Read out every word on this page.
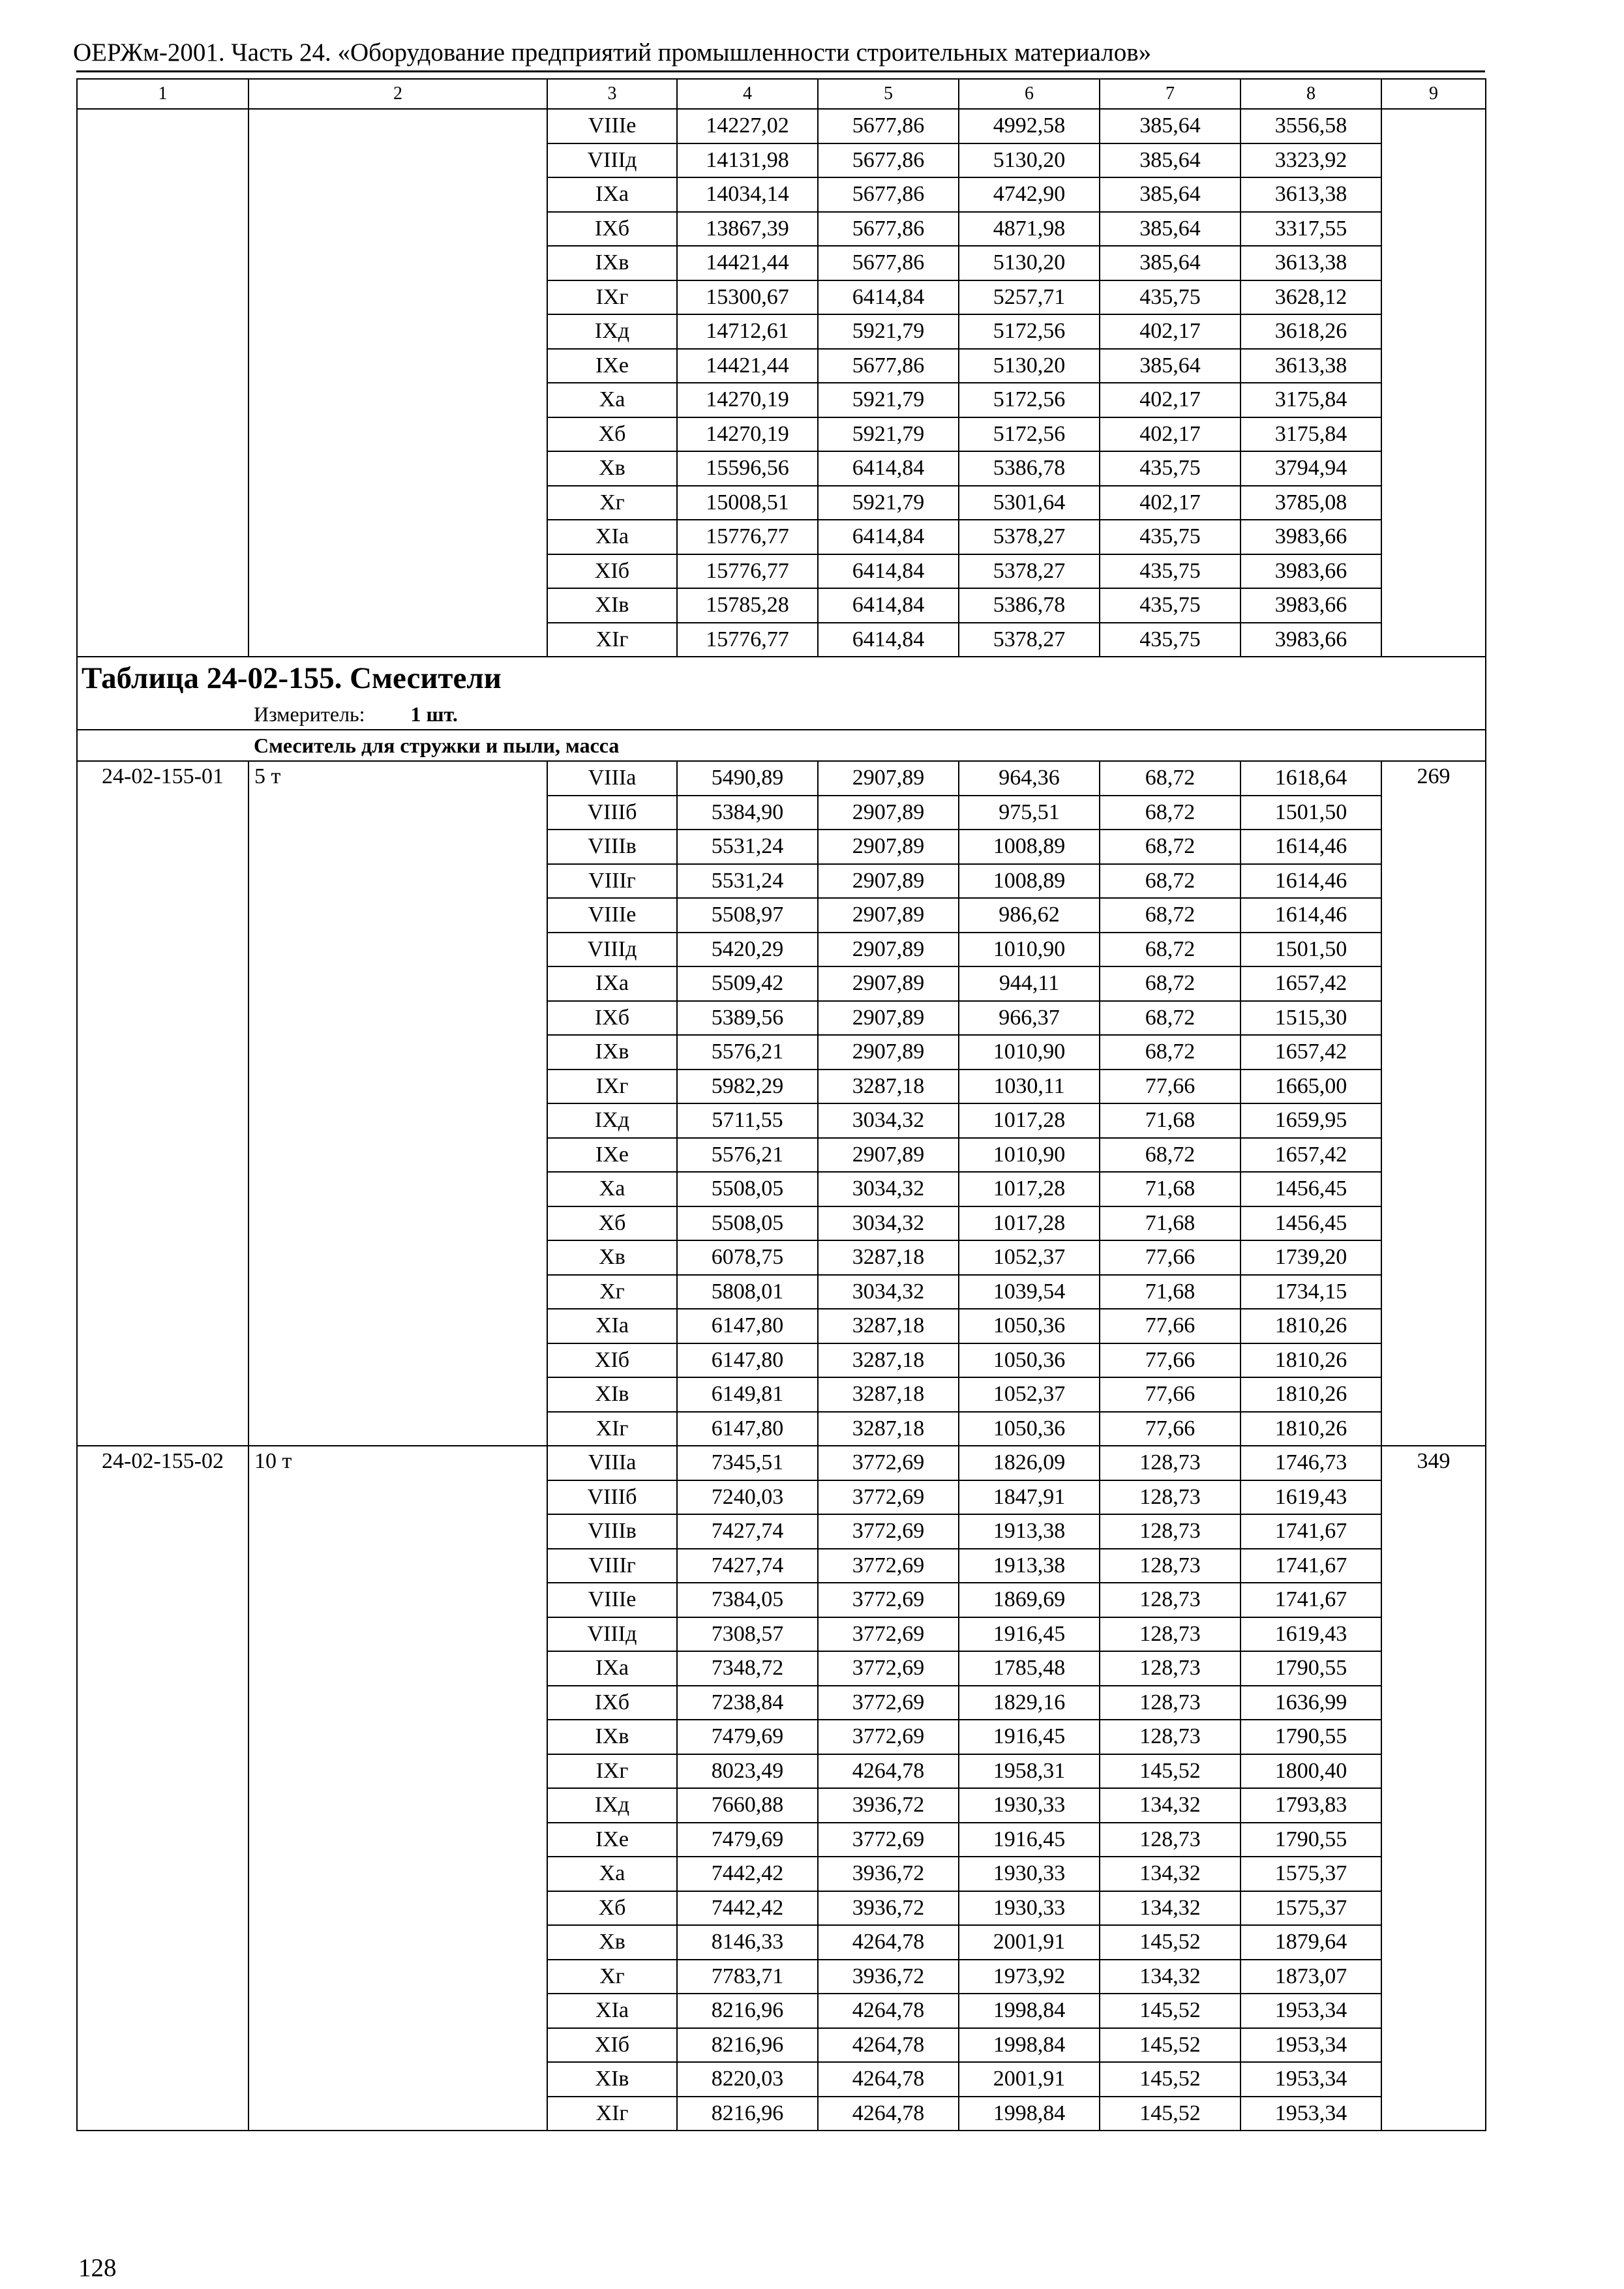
ОЕРЖм-2001. Часть 24. «Оборудование предприятий промышленности строительных материалов»
1	2	3	4	5	6	7	8	9
		VIIIe	14227,02	5677,86	4992,58	385,64	3556,58	
		VIIIд	14131,98	5677,86	5130,20	385,64	3323,92	
		IXa	14034,14	5677,86	4742,90	385,64	3613,38	
		IXб	13867,39	5677,86	4871,98	385,64	3317,55	
		IXв	14421,44	5677,86	5130,20	385,64	3613,38	
		IXг	15300,67	6414,84	5257,71	435,75	3628,12	
		IXд	14712,61	5921,79	5172,56	402,17	3618,26	
		IXe	14421,44	5677,86	5130,20	385,64	3613,38	
		Xa	14270,19	5921,79	5172,56	402,17	3175,84	
		Xб	14270,19	5921,79	5172,56	402,17	3175,84	
		Xв	15596,56	6414,84	5386,78	435,75	3794,94	
		Xг	15008,51	5921,79	5301,64	402,17	3785,08	
		XIa	15776,77	6414,84	5378,27	435,75	3983,66	
		XIб	15776,77	6414,84	5378,27	435,75	3983,66	
		XIв	15785,28	6414,84	5386,78	435,75	3983,66	
		XIг	15776,77	6414,84	5378,27	435,75	3983,66	
Таблица 24-02-155. Смесители								
Измеритель: 1 шт.								
Смеситель для стружки и пыли, масса								
24-02-155-01	5 т	VIIIa	5490,89	2907,89	964,36	68,72	1618,64	269
		VIIIб	5384,90	2907,89	975,51	68,72	1501,50	
		VIIIв	5531,24	2907,89	1008,89	68,72	1614,46	
		VIIIг	5531,24	2907,89	1008,89	68,72	1614,46	
		VIIIe	5508,97	2907,89	986,62	68,72	1614,46	
		VIIIд	5420,29	2907,89	1010,90	68,72	1501,50	
		IXa	5509,42	2907,89	944,11	68,72	1657,42	
		IXб	5389,56	2907,89	966,37	68,72	1515,30	
		IXв	5576,21	2907,89	1010,90	68,72	1657,42	
		IXг	5982,29	3287,18	1030,11	77,66	1665,00	
		IXд	5711,55	3034,32	1017,28	71,68	1659,95	
		IXe	5576,21	2907,89	1010,90	68,72	1657,42	
		Xa	5508,05	3034,32	1017,28	71,68	1456,45	
		Xб	5508,05	3034,32	1017,28	71,68	1456,45	
		Xв	6078,75	3287,18	1052,37	77,66	1739,20	
		Xг	5808,01	3034,32	1039,54	71,68	1734,15	
		XIa	6147,80	3287,18	1050,36	77,66	1810,26	
		XIб	6147,80	3287,18	1050,36	77,66	1810,26	
		XIв	6149,81	3287,18	1052,37	77,66	1810,26	
		XIг	6147,80	3287,18	1050,36	77,66	1810,26	
24-02-155-02	10 т	VIIIa	7345,51	3772,69	1826,09	128,73	1746,73	349
		VIIIб	7240,03	3772,69	1847,91	128,73	1619,43	
		VIIIв	7427,74	3772,69	1913,38	128,73	1741,67	
		VIIIг	7427,74	3772,69	1913,38	128,73	1741,67	
		VIIIe	7384,05	3772,69	1869,69	128,73	1741,67	
		VIIIд	7308,57	3772,69	1916,45	128,73	1619,43	
		IXa	7348,72	3772,69	1785,48	128,73	1790,55	
		IXб	7238,84	3772,69	1829,16	128,73	1636,99	
		IXв	7479,69	3772,69	1916,45	128,73	1790,55	
		IXг	8023,49	4264,78	1958,31	145,52	1800,40	
		IXд	7660,88	3936,72	1930,33	134,32	1793,83	
		IXe	7479,69	3772,69	1916,45	128,73	1790,55	
		Xa	7442,42	3936,72	1930,33	134,32	1575,37	
		Xб	7442,42	3936,72	1930,33	134,32	1575,37	
		Xв	8146,33	4264,78	2001,91	145,52	1879,64	
		Xг	7783,71	3936,72	1973,92	134,32	1873,07	
		XIa	8216,96	4264,78	1998,84	145,52	1953,34	
		XIб	8216,96	4264,78	1998,84	145,52	1953,34	
		XIв	8220,03	4264,78	2001,91	145,52	1953,34	
		XIг	8216,96	4264,78	1998,84	145,52	1953,34	
128
